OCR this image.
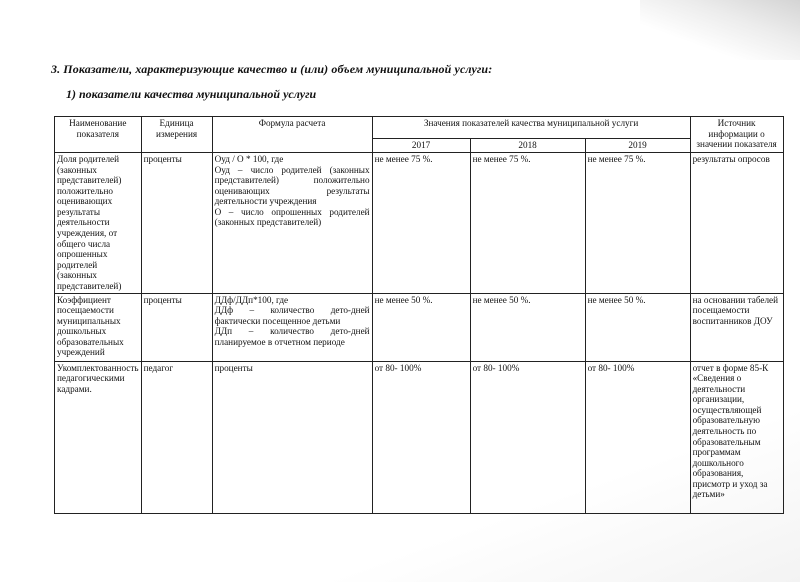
3. Показатели, характеризующие качество и (или) объем муниципальной услуги:
1) показатели качества муниципальной услуги
Наименование показателя	Единица измерения	Формула расчета	Значения показателей качества муниципальной услуги			Источник информации о значении показателя
			2017	2018	2019	
Доля родителей (законных представителей) положительно оценивающих результаты деятельности учреждения, от общего числа опрошенных родителей (законных представителей)	проценты	Оуд / О * 100, где
Оуд – число родителей (законных представителей) положительно оценивающих результаты деятельности учреждения
О – число опрошенных родителей (законных представителей)	не менее 75 %.	не менее 75 %.	не менее 75 %.	результаты опросов
Коэффициент посещаемости муниципальных дошкольных образовательных учреждений	проценты	ДДф/ДДп*100, где
ДДф – количество дето-дней фактически посещенное детьми
ДДп – количество дето-дней планируемое в отчетном периоде	не менее 50 %.	не менее 50 %.	не менее 50 %.	на основании табелей посещаемости воспитанников ДОУ
Укомплектованность педагогическими кадрами.	педагог	проценты	от 80- 100%	от 80- 100%	от 80- 100%	отчет в форме 85-К «Сведения о деятельности организации, осуществляющей образовательную деятельность по образовательным программам дошкольного образования, присмотр и уход за детьми»
